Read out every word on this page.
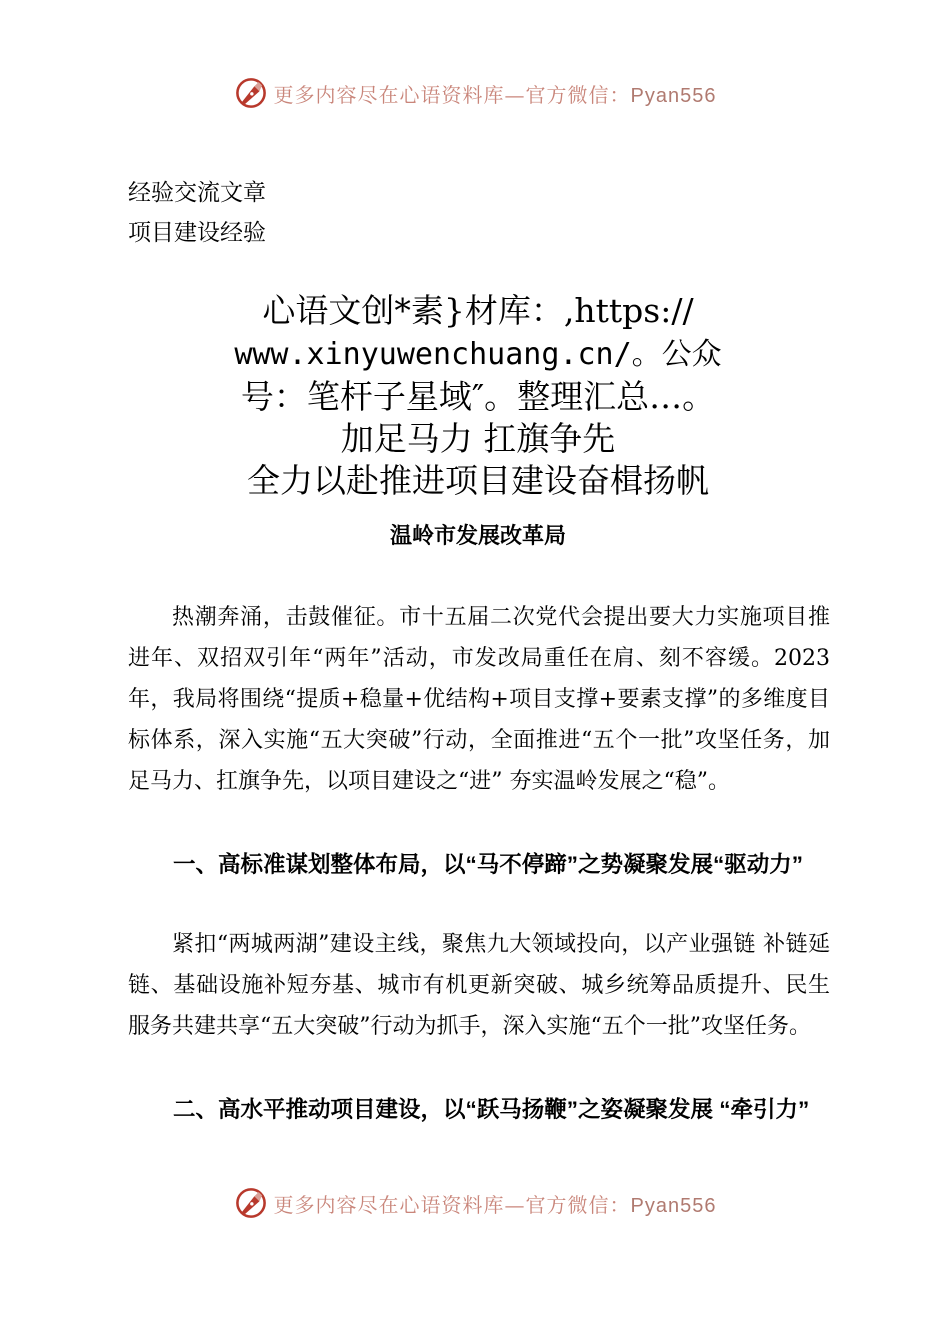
更多内容尽在心语资料库—官方微信：Pyan556
经验交流文章
项目建设经验
心语文创*素}材库：,https://
www.xinyuwenchuang.cn/。公众
号：笔杆子星域″。整理汇总…。
加足马力 扛旗争先
全力以赴推进项目建设奋楫扬帆
温岭市发展改革局

热潮奔涌，击鼓催征。市十五届二次党代会提出要大力实施项目推进年、双招双引年“两年”活动，市发改局重任在肩、刻不容缓。2023 年，我局将围绕“提质+稳量+优结构+项目支撑+要素支撑”的多维度目标体系，深入实施“五大突破”行动，全面推进“五个一批”攻坚任务，加足马力、扛旗争先，以项目建设之“进” 夯实温岭发展之“稳”。

一、高标准谋划整体布局，以“马不停蹄”之势凝聚发展“驱动力”

紧扣“两城两湖”建设主线，聚焦九大领域投向，以产业强链 补链延链、基础设施补短夯基、城市有机更新突破、城乡统筹品质提升、民生服务共建共享“五大突破”行动为抓手，深入实施“五个一批”攻坚任务。

二、高水平推动项目建设，以“跃马扬鞭”之姿凝聚发展 “牵引力”

更多内容尽在心语资料库—官方微信：Pyan556
